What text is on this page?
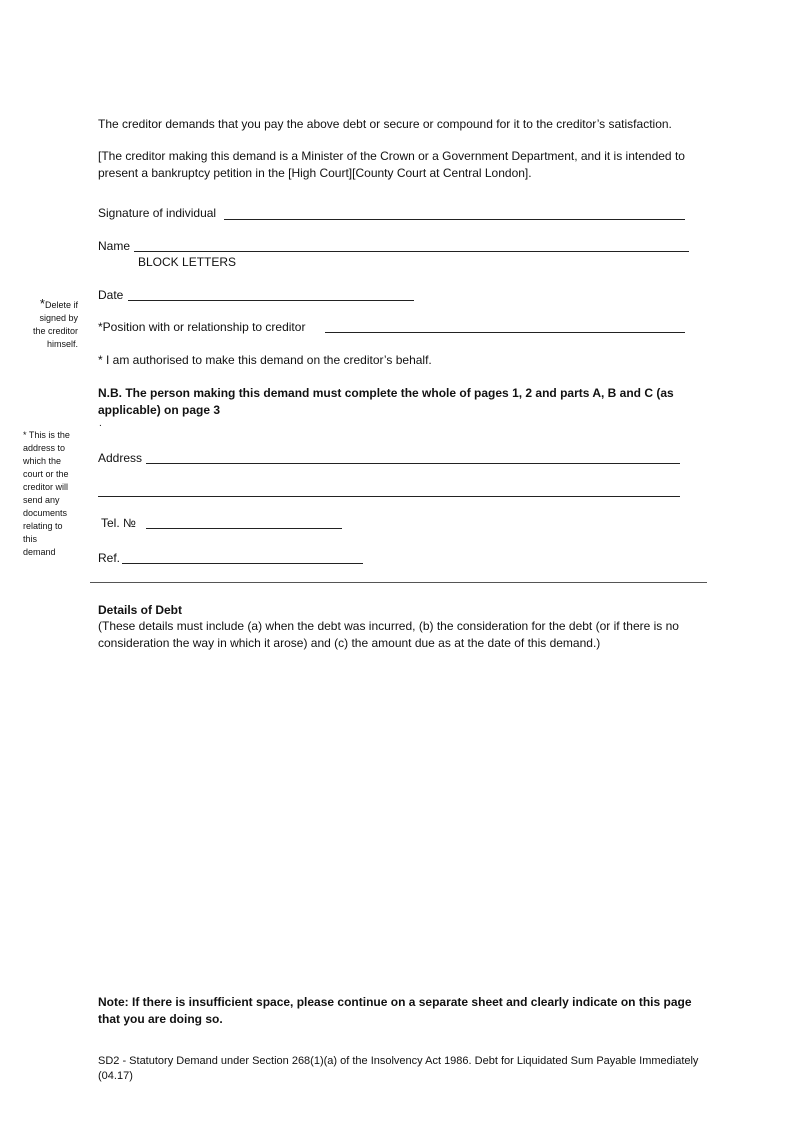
The creditor demands that you pay the above debt or secure or compound for it to the creditor’s satisfaction.

[The creditor making this demand is a Minister of the Crown or a Government Department, and it is intended to present a bankruptcy petition in the [High Court][County Court at Central London].

Signature of individual
Name
BLOCK LETTERS
*Delete if
signed by
the creditor
himself.
Date
*Position with or relationship to creditor
* I am authorised to make this demand on the creditor’s behalf.

N.B. The person making this demand must complete the whole of pages 1, 2 and parts A, B and C (as applicable) on page 3

.
* This is the
address to
which the
court or the
creditor will
send any
documents
relating to
this
demand
Address
Tel. №
Ref.
Details of Debt

(These details must include (a) when the debt was incurred, (b) the consideration for the debt (or if there is no consideration the way in which it arose) and (c) the amount due as at the date of this demand.)

Note: If there is insufficient space, please continue on a separate sheet and clearly indicate on this page that you are doing so.

SD2 - Statutory Demand under Section 268(1)(a) of the Insolvency Act 1986. Debt for Liquidated Sum Payable Immediately
(04.17)
